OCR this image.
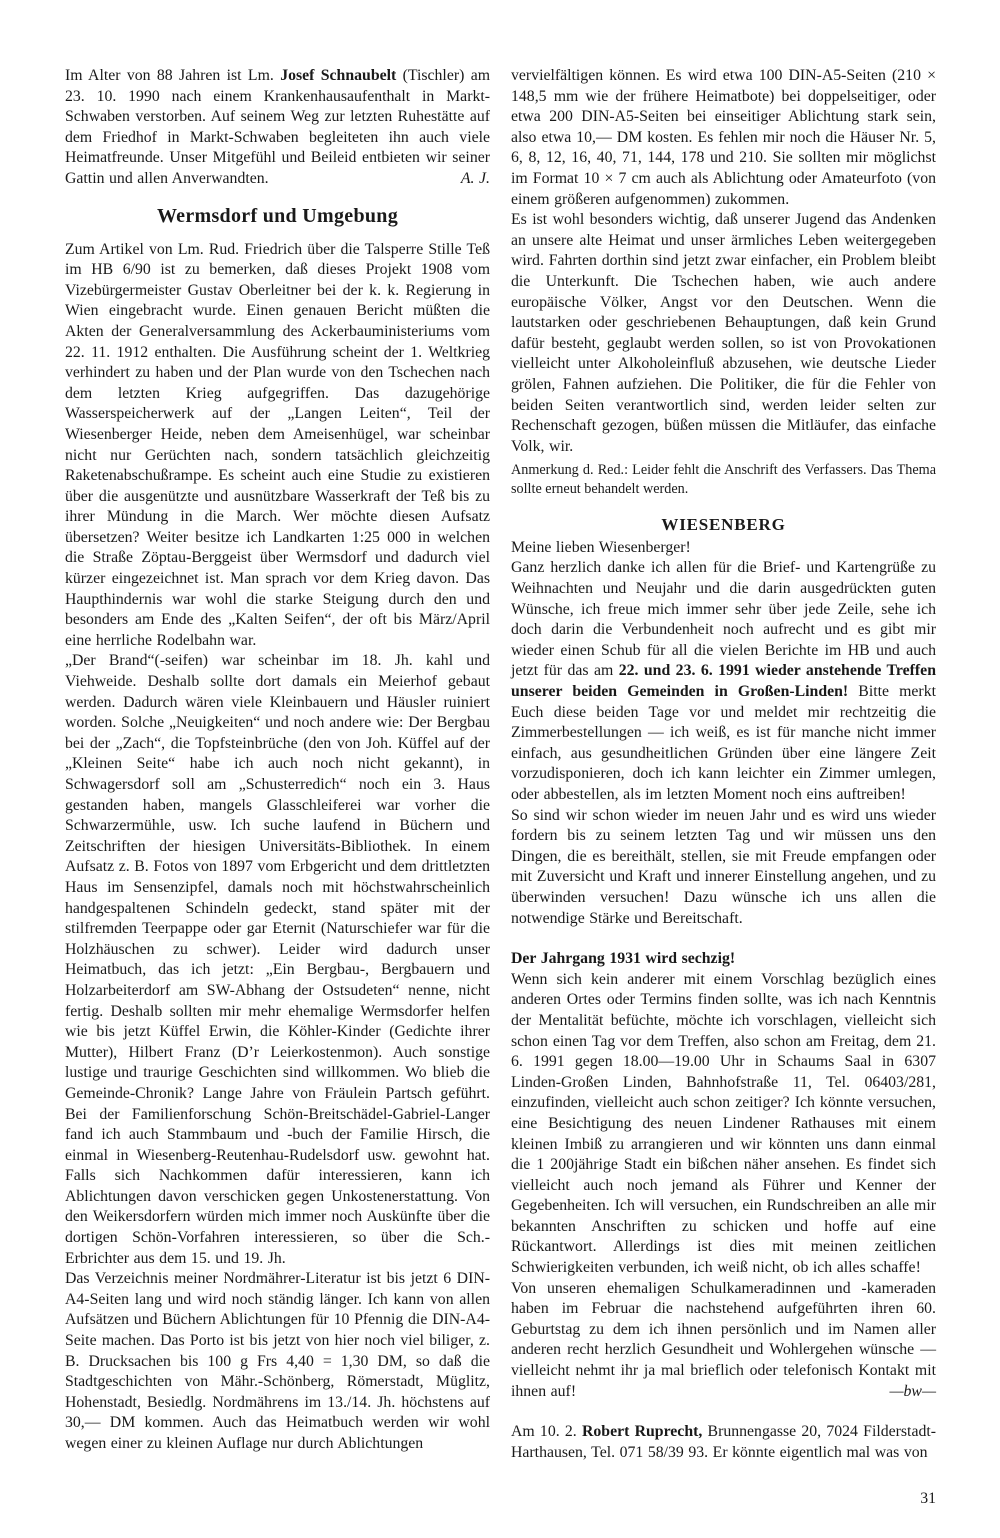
Im Alter von 88 Jahren ist Lm. Josef Schnaubelt (Tischler) am 23. 10. 1990 nach einem Krankenhausaufenthalt in Markt-Schwaben verstorben. Auf seinem Weg zur letzten Ruhestätte auf dem Friedhof in Markt-Schwaben begleiteten ihn auch viele Heimatfreunde. Unser Mitgefühl und Beileid entbieten wir seiner Gattin und allen Anverwandten.	A. J.

Wermsdorf und Umgebung

Zum Artikel von Lm. Rud. Friedrich über die Talsperre Stille Teß im HB 6/90 ist zu bemerken, daß dieses Projekt 1908 vom Vizebürgermeister Gustav Oberleitner bei der k. k. Regierung in Wien eingebracht wurde. Einen genauen Bericht müßten die Akten der Generalversammlung des Ackerbauministeriums vom 22. 11. 1912 enthalten. Die Ausführung scheint der 1. Weltkrieg verhindert zu haben und der Plan wurde von den Tschechen nach dem letzten Krieg aufgegriffen. Das dazugehörige Wasserspeicherwerk auf der „Langen Leiten“, Teil der Wiesenberger Heide, neben dem Ameisenhügel, war scheinbar nicht nur Gerüchten nach, sondern tatsächlich gleichzeitig Raketenabschußrampe. Es scheint auch eine Studie zu existieren über die ausgenützte und ausnützbare Wasserkraft der Teß bis zu ihrer Mündung in die March. Wer möchte diesen Aufsatz übersetzen? Weiter besitze ich Landkarten 1:25 000 in welchen die Straße Zöptau-Berggeist über Wermsdorf und dadurch viel kürzer eingezeichnet ist. Man sprach vor dem Krieg davon. Das Haupthindernis war wohl die starke Steigung durch den und besonders am Ende des „Kalten Seifen“, der oft bis März/April eine herrliche Rodelbahn war.

„Der Brand“(-seifen) war scheinbar im 18. Jh. kahl und Viehweide. Deshalb sollte dort damals ein Meierhof gebaut werden. Dadurch wären viele Kleinbauern und Häusler ruiniert worden. Solche „Neuigkeiten“ und noch andere wie: Der Bergbau bei der „Zach“, die Topfsteinbrüche (den von Joh. Küffel auf der „Kleinen Seite“ habe ich auch noch nicht gekannt), in Schwagersdorf soll am „Schusterredich“ noch ein 3. Haus gestanden haben, mangels Glasschleiferei war vorher die Schwarzermühle, usw. Ich suche laufend in Büchern und Zeitschriften der hiesigen Universitäts-Bibliothek. In einem Aufsatz z. B. Fotos von 1897 vom Erbgericht und dem drittletzten Haus im Sensenzipfel, damals noch mit höchstwahrscheinlich handgespaltenen Schindeln gedeckt, stand später mit der stilfremden Teerpappe oder gar Eternit (Naturschiefer war für die Holzhäuschen zu schwer). Leider wird dadurch unser Heimatbuch, das ich jetzt: „Ein Bergbau-, Bergbauern und Holzarbeiterdorf am SW-Abhang der Ostsudeten“ nenne, nicht fertig. Deshalb sollten mir mehr ehemalige Wermsdorfer helfen wie bis jetzt Küffel Erwin, die Köhler-Kinder (Gedichte ihrer Mutter), Hilbert Franz (D’r Leierkostenmon). Auch sonstige lustige und traurige Geschichten sind willkommen. Wo blieb die Gemeinde-Chronik? Lange Jahre von Fräulein Partsch geführt. Bei der Familienforschung Schön-Breitschädel-Gabriel-Langer fand ich auch Stammbaum und -buch der Familie Hirsch, die einmal in Wiesenberg-Reutenhau-Rudelsdorf usw. gewohnt hat. Falls sich Nachkommen dafür interessieren, kann ich Ablichtungen davon verschicken gegen Unkostenerstattung. Von den Weikersdorfern würden mich immer noch Auskünfte über die dortigen Schön-Vorfahren interessieren, so über die Sch.-Erbrichter aus dem 15. und 19. Jh.

Das Verzeichnis meiner Nordmährer-Literatur ist bis jetzt 6 DIN-A4-Seiten lang und wird noch ständig länger. Ich kann von allen Aufsätzen und Büchern Ablichtungen für 10 Pfennig die DIN-A4-Seite machen. Das Porto ist bis jetzt von hier noch viel biliger, z. B. Drucksachen bis 100 g Frs 4,40 = 1,30 DM, so daß die Stadtgeschichten von Mähr.-Schönberg, Römerstadt, Müglitz, Hohenstadt, Besiedlg. Nordmährens im 13./14. Jh. höchstens auf 30,— DM kommen. Auch das Heimatbuch werden wir wohl wegen einer zu kleinen Auflage nur durch Ablichtungen

vervielfältigen können. Es wird etwa 100 DIN-A5-Seiten (210 × 148,5 mm wie der frühere Heimatbote) bei doppelseitiger, oder etwa 200 DIN-A5-Seiten bei einseitiger Ablichtung stark sein, also etwa 10,— DM kosten. Es fehlen mir noch die Häuser Nr. 5, 6, 8, 12, 16, 40, 71, 144, 178 und 210. Sie sollten mir möglichst im Format 10 × 7 cm auch als Ablichtung oder Amateurfoto (von einem größeren aufgenommen) zukommen.

Es ist wohl besonders wichtig, daß unserer Jugend das Andenken an unsere alte Heimat und unser ärmliches Leben weitergegeben wird. Fahrten dorthin sind jetzt zwar einfacher, ein Problem bleibt die Unterkunft. Die Tschechen haben, wie auch andere europäische Völker, Angst vor den Deutschen. Wenn die lautstarken oder geschriebenen Behauptungen, daß kein Grund dafür besteht, geglaubt werden sollen, so ist von Provokationen vielleicht unter Alkoholeinfluß abzusehen, wie deutsche Lieder grölen, Fahnen aufziehen. Die Politiker, die für die Fehler von beiden Seiten verantwortlich sind, werden leider selten zur Rechenschaft gezogen, büßen müssen die Mitläufer, das einfache Volk, wir.

Anmerkung d. Red.: Leider fehlt die Anschrift des Verfassers. Das Thema sollte erneut behandelt werden.

WIESENBERG

Meine lieben Wiesenberger!

Ganz herzlich danke ich allen für die Brief- und Kartengrüße zu Weihnachten und Neujahr und die darin ausgedrückten guten Wünsche, ich freue mich immer sehr über jede Zeile, sehe ich doch darin die Verbundenheit noch aufrecht und es gibt mir wieder einen Schub für all die vielen Berichte im HB und auch jetzt für das am 22. und 23. 6. 1991 wieder anstehende Treffen unserer beiden Gemeinden in Großen-Linden! Bitte merkt Euch diese beiden Tage vor und meldet mir rechtzeitig die Zimmerbestellungen — ich weiß, es ist für manche nicht immer einfach, aus gesundheitlichen Gründen über eine längere Zeit vorzudisponieren, doch ich kann leichter ein Zimmer umlegen, oder abbestellen, als im letzten Moment noch eins auftreiben!

So sind wir schon wieder im neuen Jahr und es wird uns wieder fordern bis zu seinem letzten Tag und wir müssen uns den Dingen, die es bereithält, stellen, sie mit Freude empfangen oder mit Zuversicht und Kraft und innerer Einstellung angehen, und zu überwinden versuchen! Dazu wünsche ich uns allen die notwendige Stärke und Bereitschaft.

Der Jahrgang 1931 wird sechzig!

Wenn sich kein anderer mit einem Vorschlag bezüglich eines anderen Ortes oder Termins finden sollte, was ich nach Kenntnis der Mentalität befüchte, möchte ich vorschlagen, vielleicht sich schon einen Tag vor dem Treffen, also schon am Freitag, dem 21. 6. 1991 gegen 18.00—19.00 Uhr in Schaums Saal in 6307 Linden-Großen Linden, Bahnhofstraße 11, Tel. 06403/281, einzufinden, vielleicht auch schon zeitiger? Ich könnte versuchen, eine Besichtigung des neuen Lindener Rathauses mit einem kleinen Imbiß zu arrangieren und wir könnten uns dann einmal die 1 200jährige Stadt ein bißchen näher ansehen. Es findet sich vielleicht auch noch jemand als Führer und Kenner der Gegebenheiten. Ich will versuchen, ein Rundschreiben an alle mir bekannten Anschriften zu schicken und hoffe auf eine Rückantwort. Allerdings ist dies mit meinen zeitlichen Schwierigkeiten verbunden, ich weiß nicht, ob ich alles schaffe!

Von unseren ehemaligen Schulkameradinnen und -kameraden haben im Februar die nachstehend aufgeführten ihren 60. Geburtstag zu dem ich ihnen persönlich und im Namen aller anderen recht herzlich Gesundheit und Wohlergehen wünsche — vielleicht nehmt ihr ja mal brieflich oder telefonisch Kontakt mit ihnen auf!	—bw—

Am 10. 2. Robert Ruprecht, Brunnengasse 20, 7024 Filderstadt-Harthausen, Tel. 071 58/39 93. Er könnte eigentlich mal was von

31
